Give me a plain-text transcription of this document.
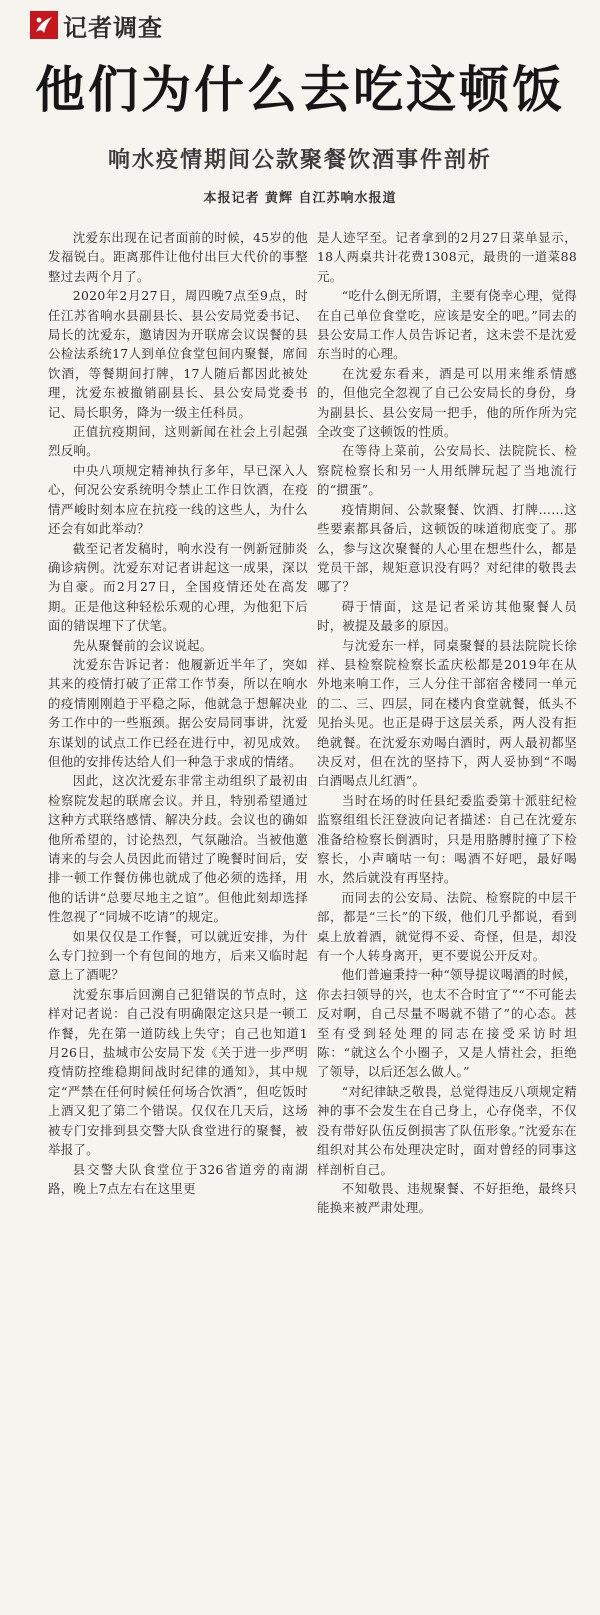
记者调查
他们为什么去吃这顿饭
响水疫情期间公款聚餐饮酒事件剖析
本报记者 黄辉 自江苏响水报道

沈爱东出现在记者面前的时候，45岁的他发福锐白。距离那件让他付出巨大代价的事整整过去两个月了。

2020年2月27日，周四晚7点至9点，时任江苏省响水县副县长、县公安局党委书记、局长的沈爱东，邀请因为开联席会议误餐的县公检法系统17人到单位食堂包间内聚餐，席间饮酒，等餐期间打牌，17人随后都因此被处理，沈爱东被撤销副县长、县公安局党委书记、局长职务，降为一级主任科员。

正值抗疫期间，这则新闻在社会上引起强烈反响。

中央八项规定精神执行多年，早已深入人心，何况公安系统明令禁止工作日饮酒，在疫情严峻时刻本应在抗疫一线的这些人，为什么还会有如此举动？

截至记者发稿时，响水没有一例新冠肺炎确诊病例。沈爱东对记者讲起这一成果，深以为自豪。而2月27日，全国疫情还处在高发期。正是他这种轻松乐观的心理，为他犯下后面的错误埋下了伏笔。

先从聚餐前的会议说起。

沈爱东告诉记者：他履新近半年了，突如其来的疫情打破了正常工作节奏，所以在响水的疫情刚刚趋于平稳之际，他就急于想解决业务工作中的一些瓶颈。据公安局同事讲，沈爱东谋划的试点工作已经在进行中，初见成效。但他的安排传达给人们一种急于求成的情绪。

因此，这次沈爱东非常主动组织了最初由检察院发起的联席会议。并且，特别希望通过这种方式联络感情、解决分歧。会议也的确如他所希望的，讨论热烈，气氛融洽。当被他邀请来的与会人员因此而错过了晚餐时间后，安排一顿工作餐仿佛也就成了他必须的选择，用他的话讲“总要尽地主之谊”。但他此刻却选择性忽视了“同城不吃请”的规定。

如果仅仅是工作餐，可以就近安排，为什么专门拉到一个有包间的地方，后来又临时起意上了酒呢？

沈爱东事后回溯自己犯错误的节点时，这样对记者说：自己没有明确限定这只是一顿工作餐，先在第一道防线上失守；自己也知道1月26日，盐城市公安局下发《关于进一步严明疫情防控维稳期间战时纪律的通知》，其中规定“严禁在任何时候任何场合饮酒”，但吃饭时上酒又犯了第二个错误。仅仅在几天后，这场被专门安排到县交警大队食堂进行的聚餐，被举报了。

县交警大队食堂位于326省道旁的南湖路，晚上7点左右在这里更

是人迹罕至。记者拿到的2月27日菜单显示，18人两桌共计花费1308元，最贵的一道菜88元。

“吃什么倒无所谓，主要有侥幸心理，觉得在自己单位食堂吃，应该是安全的吧。”同去的县公安局工作人员告诉记者，这未尝不是沈爱东当时的心理。

在沈爱东看来，酒是可以用来维系情感的，但他完全忽视了自己公安局长的身份，身为副县长、县公安局一把手，他的所作所为完全改变了这顿饭的性质。

在等待上菜前，公安局长、法院院长、检察院检察长和另一人用纸牌玩起了当地流行的“掼蛋”。

疫情期间、公款聚餐、饮酒、打牌……这些要素都具备后，这顿饭的味道彻底变了。那么，参与这次聚餐的人心里在想些什么，都是党员干部，规矩意识没有吗？对纪律的敬畏去哪了？

碍于情面，这是记者采访其他聚餐人员时，被提及最多的原因。

与沈爱东一样，同桌聚餐的县法院院长徐祥、县检察院检察长孟庆松都是2019年在从外地来响工作，三人分住干部宿舍楼同一单元的二、三、四层，同在楼内食堂就餐，低头不见抬头见。也正是碍于这层关系，两人没有拒绝就餐。在沈爱东劝喝白酒时，两人最初都坚决反对，但在沈的坚持下，两人妥协到“不喝白酒喝点儿红酒”。

当时在场的时任县纪委监委第十派驻纪检监察组组长汪登波向记者描述：自己在沈爱东准备给检察长倒酒时，只是用胳膊肘撞了下检察长，小声嘀咕一句：喝酒不好吧，最好喝水，然后就没有再坚持。

而同去的公安局、法院、检察院的中层干部，都是“三长”的下级，他们几乎都说，看到桌上放着酒，就觉得不妥、奇怪，但是，却没有一个人转身离开，更不要说公开反对。

他们普遍秉持一种“领导提议喝酒的时候，你去扫领导的兴，也太不合时宜了”“不可能去反对啊，自己尽量不喝就不错了”的心态。甚至有受到轻处理的同志在接受采访时坦陈：“就这么个小圈子，又是人情社会，拒绝了领导，以后还怎么做人。”

“对纪律缺乏敬畏，总觉得违反八项规定精神的事不会发生在自己身上，心存侥幸，不仅没有带好队伍反倒损害了队伍形象。”沈爱东在组织对其公布处理决定时，面对曾经的同事这样剖析自己。

不知敬畏、违规聚餐、不好拒绝，最终只能换来被严肃处理。
